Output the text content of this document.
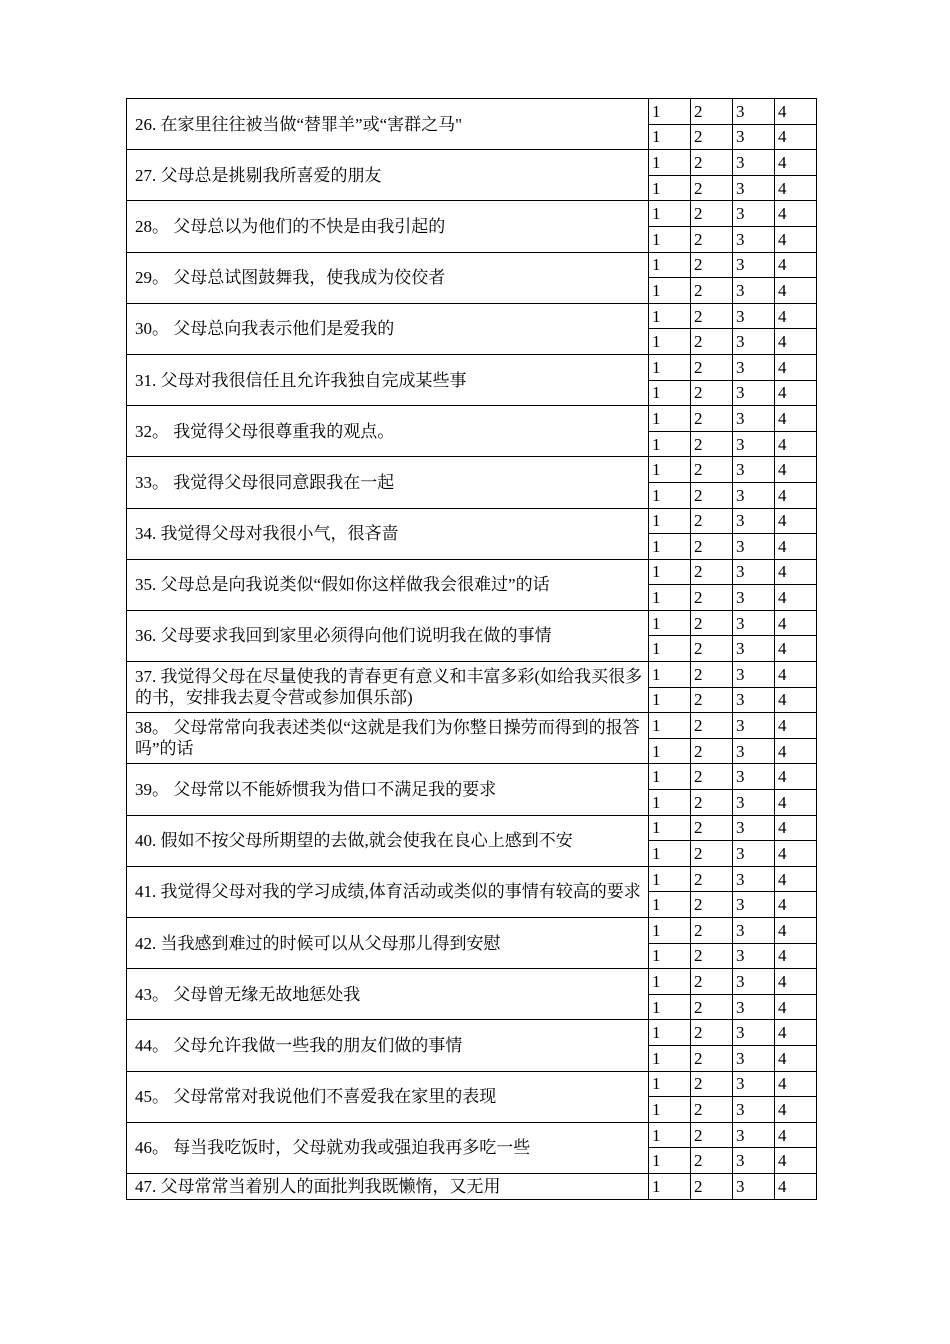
26. 在家里往往被当做“替罪羊”或“害群之马"	1	2	3	4
	1	2	3	4
27. 父母总是挑剔我所喜爱的朋友	1	2	3	4
	1	2	3	4
28。 父母总以为他们的不快是由我引起的	1	2	3	4
	1	2	3	4
29。 父母总试图鼓舞我，使我成为佼佼者	1	2	3	4
	1	2	3	4
30。 父母总向我表示他们是爱我的	1	2	3	4
	1	2	3	4
31. 父母对我很信任且允许我独自完成某些事	1	2	3	4
	1	2	3	4
32。 我觉得父母很尊重我的观点。	1	2	3	4
	1	2	3	4
33。 我觉得父母很同意跟我在一起	1	2	3	4
	1	2	3	4
34. 我觉得父母对我很小气，很吝啬	1	2	3	4
	1	2	3	4
35. 父母总是向我说类似“假如你这样做我会很难过”的话	1	2	3	4
	1	2	3	4
36. 父母要求我回到家里必须得向他们说明我在做的事情	1	2	3	4
	1	2	3	4
37. 我觉得父母在尽量使我的青春更有意义和丰富多彩(如给我买很多的书，安排我去夏令营或参加俱乐部)	1	2	3	4
	1	2	3	4
38。 父母常常向我表述类似“这就是我们为你整日操劳而得到的报答吗”的话	1	2	3	4
	1	2	3	4
39。 父母常以不能娇惯我为借口不满足我的要求	1	2	3	4
	1	2	3	4
40. 假如不按父母所期望的去做,就会使我在良心上感到不安	1	2	3	4
	1	2	3	4
41. 我觉得父母对我的学习成绩,体育活动或类似的事情有较高的要求	1	2	3	4
	1	2	3	4
42. 当我感到难过的时候可以从父母那儿得到安慰	1	2	3	4
	1	2	3	4
43。 父母曾无缘无故地惩处我	1	2	3	4
	1	2	3	4
44。 父母允许我做一些我的朋友们做的事情	1	2	3	4
	1	2	3	4
45。 父母常常对我说他们不喜爱我在家里的表现	1	2	3	4
	1	2	3	4
46。 每当我吃饭时，父母就劝我或强迫我再多吃一些	1	2	3	4
	1	2	3	4
47. 父母常常当着别人的面批判我既懒惰，又无用	1	2	3	4
